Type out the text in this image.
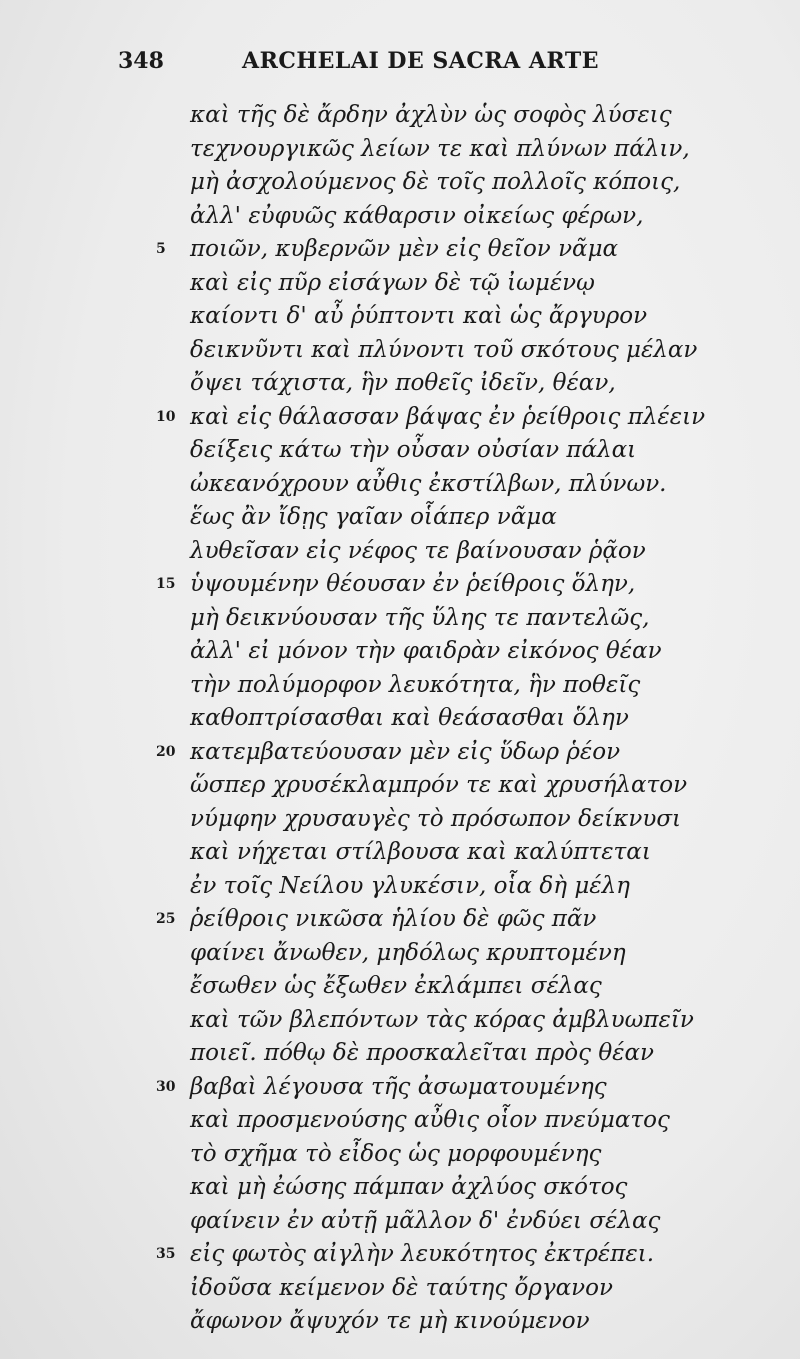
348	ARCHELAI DE SACRA ARTE
καὶ τῆς δὲ ἄρδην ἀχλὺν ὡς σοφὸς λύσεις
τεχνουργικῶς λείων τε καὶ πλύνων πάλιν,
μὴ ἀσχολούμενος δὲ τοῖς πολλοῖς κόποις,
ἀλλ' εὐφυῶς κάθαρσιν οἰκείως φέρων,
5 ποιῶν, κυβερνῶν μὲν εἰς θεῖον νᾶμα
καὶ εἰς πῦρ εἰσάγων δὲ τῷ ἰωμένῳ
καίοντι δ' αὖ ῥύπτοντι καὶ ὡς ἄργυρον
δεικνῦντι καὶ πλύνοντι τοῦ σκότους μέλαν
ὄψει τάχιστα, ἣν ποθεῖς ἰδεῖν, θέαν,
10 καὶ εἰς θάλασσαν βάψας ἐν ῥείθροις πλέειν
δείξεις κάτω τὴν οὖσαν οὐσίαν πάλαι
ὠκεανόχρουν αὖθις ἐκστίλβων, πλύνων.
ἕως ἂν ἴδῃς γαῖαν οἷάπερ νᾶμα
λυθεῖσαν εἰς νέφος τε βαίνουσαν ῥᾷον
15 ὑψουμένην θέουσαν ἐν ῥείθροις ὅλην,
μὴ δεικνύουσαν τῆς ὕλης τε παντελῶς,
ἀλλ' εἰ μόνον τὴν φαιδρὰν εἰκόνος θέαν
τὴν πολύμορφον λευκότητα, ἣν ποθεῖς
καθοπτρίσασθαι καὶ θεάσασθαι ὅλην
20 κατεμβατεύουσαν μὲν εἰς ὕδωρ ῥέον
ὥσπερ χρυσέκλαμπρόν τε καὶ χρυσήλατον
νύμφην χρυσαυγὲς τὸ πρόσωπον δείκνυσι
καὶ νήχεται στίλβουσα καὶ καλύπτεται
ἐν τοῖς Νείλου γλυκέσιν, οἷα δὴ μέλη
25 ῥείθροις νικῶσα ἡλίου δὲ φῶς πᾶν
φαίνει ἄνωθεν, μηδόλως κρυπτομένη
ἔσωθεν ὡς ἔξωθεν ἐκλάμπει σέλας
καὶ τῶν βλεπόντων τὰς κόρας ἀμβλυωπεῖν
ποιεῖ. πόθῳ δὲ προσκαλεῖται πρὸς θέαν
30 βαβαὶ λέγουσα τῆς ἀσωματουμένης
καὶ προσμενούσης αὖθις οἷον πνεύματος
τὸ σχῆμα τὸ εἶδος ὡς μορφουμένης
καὶ μὴ ἐώσης πάμπαν ἀχλύος σκότος
φαίνειν ἐν αὐτῇ μᾶλλον δ' ἐνδύει σέλας
35 εἰς φωτὸς αἰγλὴν λευκότητος ἐκτρέπει.
ἰδοῦσα κείμενον δὲ ταύτης ὄργανον
ἄφωνον ἄψυχόν τε μὴ κινούμενον
